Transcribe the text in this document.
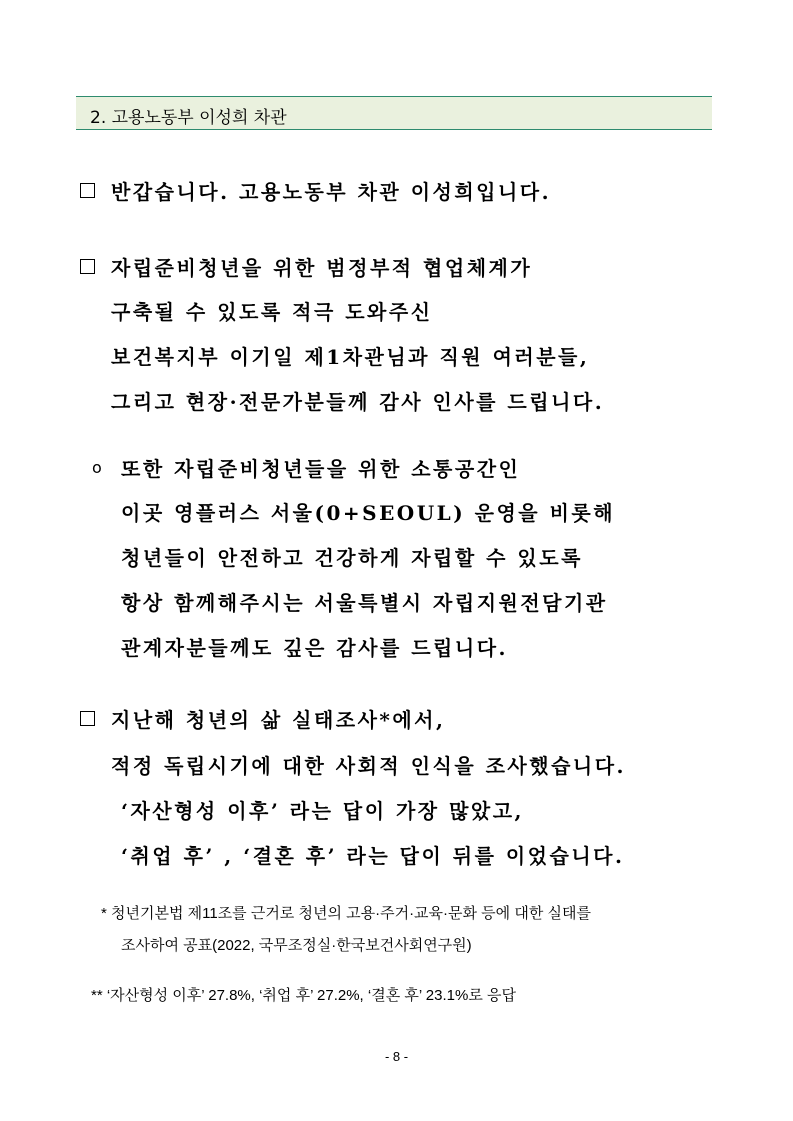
2. 고용노동부 이성희 차관
반갑습니다. 고용노동부 차관 이성희입니다.
자립준비청년을 위한 범정부적 협업체계가
구축될 수 있도록 적극 도와주신
보건복지부 이기일 제1차관님과 직원 여러분들,
그리고 현장·전문가분들께 감사 인사를 드립니다.
o 또한 자립준비청년들을 위한 소통공간인
이곳 영플러스 서울(0+SEOUL) 운영을 비롯해
청년들이 안전하고 건강하게 자립할 수 있도록
항상 함께해주시는 서울특별시 자립지원전담기관
관계자분들께도 깊은 감사를 드립니다.
지난해 청년의 삶 실태조사*에서,
적정 독립시기에 대한 사회적 인식을 조사했습니다.
‘자산형성 이후’ 라는 답이 가장 많았고,
‘취업 후’ , ‘결혼 후’ 라는 답이 뒤를 이었습니다.
* 청년기본법 제11조를 근거로 청년의 고용·주거·교육·문화 등에 대한 실태를
조사하여 공표(2022, 국무조정실·한국보건사회연구원)
** ‘자산형성 이후’ 27.8%, ‘취업 후’ 27.2%, ‘결혼 후’ 23.1%로 응답
- 8 -
